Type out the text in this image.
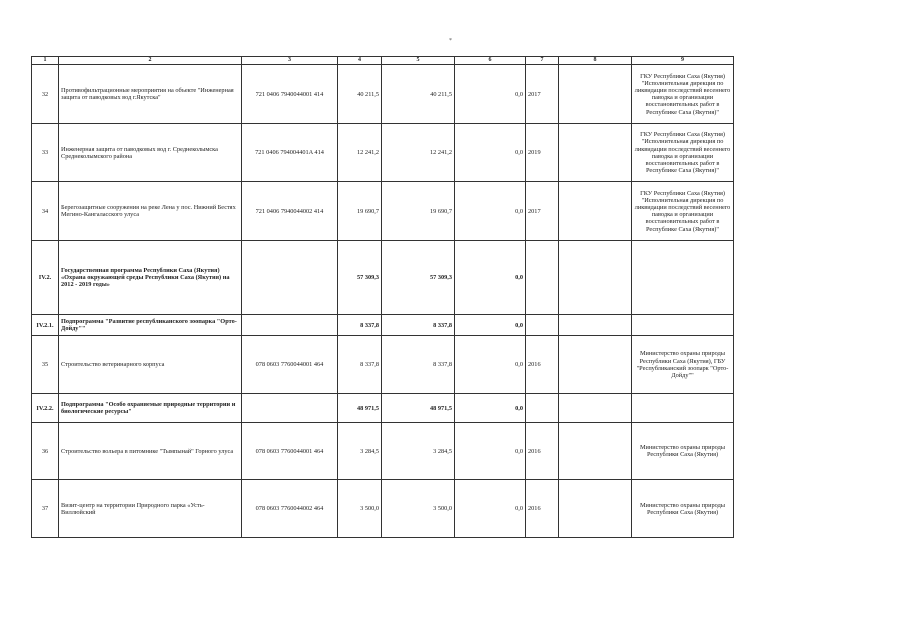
*
1	2	3	4	5	6	7	8	9
32	Противофильтрационные мероприятия на объекте "Инженерная защита от паводковых вод г.Якутска"	721 0406 7940044001 414	40 211,5	40 211,5	0,0	2017		ГКУ Республики Саха (Якутия) "Исполнительная дирекция по ликвидации последствий весеннего паводка и организации восстановительных работ в Республике Саха (Якутия)"
33	Инженерная защита от паводковых вод г. Среднеколымска Среднеколымского района	721 0406 794004401A 414	12 241,2	12 241,2	0,0	2019		ГКУ Республики Саха (Якутия) "Исполнительная дирекция по ликвидации последствий весеннего паводка и организации восстановительных работ в Республике Саха (Якутия)"
34	Берегозащитные сооружения на реке Лена у пос. Нижний Бестях Мегино-Кангаласского улуса	721 0406 7940044002 414	19 690,7	19 690,7	0,0	2017		ГКУ Республики Саха (Якутия) "Исполнительная дирекция по ликвидации последствий весеннего паводка и организации восстановительных работ в Республике Саха (Якутия)"
IV.2.	Государственная программа Республики Саха (Якутия) «Охрана окружающей среды Республики Саха (Якутия) на 2012 - 2019 годы»		57 309,3	57 309,3	0,0			
IV.2.1.	Подпрограмма "Развитие республиканского зоопарка "Орто-Дойду""		8 337,8	8 337,8	0,0			
35	Строительство ветеринарного корпуса	078 0603 7760044001 464	8 337,8	8 337,8	0,0	2016		Министерство охраны природы Республики Саха (Якутия), ГБУ "Республиканский зоопарк "Орто-Дойду""
IV.2.2.	Подпрограмма "Особо охраняемые природные территории и биологические ресурсы"		48 971,5	48 971,5	0,0			
36	Строительство вольера в питомнике "Тымпынай" Горного улуса	078 0603 7760044001 464	3 284,5	3 284,5	0,0	2016		Министерство охраны природы Республики Саха (Якутия)
37	Визит-центр на территории Природного парка «Усть-Виллюйский	078 0603 7760044002 464	3 500,0	3 500,0	0,0	2016		Министерство охраны природы Республики Саха (Якутия)
